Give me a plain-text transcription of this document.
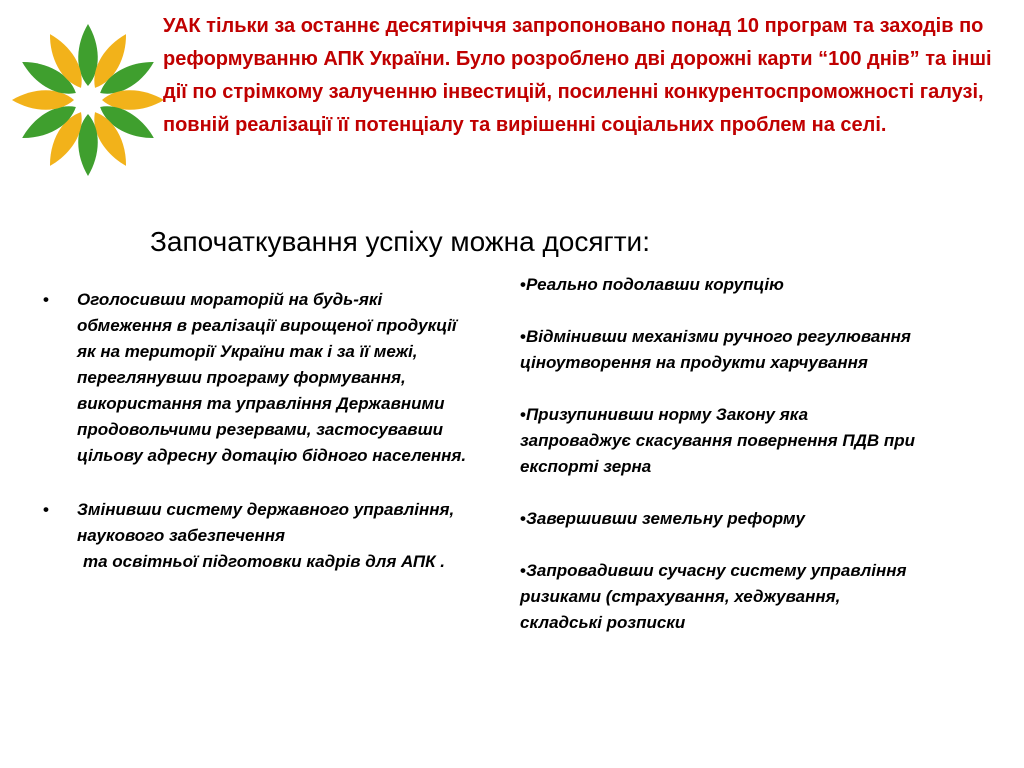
УАК тільки за останнє десятиріччя запропоновано понад 10 програм та заходів по реформуванню АПК України. Було розроблено дві дорожні карти “100 днів” та інші дії по стрімкому залученню інвестицій, посиленні конкурентоспроможності галузі, повній реалізації її потенціалу та вирішенні соціальних проблем на селі.

Започаткування успіху можна досягти:
• Оголосивши мораторій на будь-які обмеження в реалізації вирощеної продукції як на території України так і за її межі, переглянувши програму формування, використання та управління Державними продовольчими резервами, застосувавши цільову адресну дотацію бідного населення.
• Змінивши систему державного управління, наукового забезпечення
та освітньої підготовки кадрів для АПК .
•Реально подолавши корупцію
•Відмінивши механізми ручного регулювання ціноутворення на продукти харчування
•Призупинивши норму Закону яка запроваджує скасування повернення ПДВ при експорті зерна
•Завершивши земельну реформу
•Запровадивши сучасну систему управління ризиками (страхування, хеджування, складські розписки
